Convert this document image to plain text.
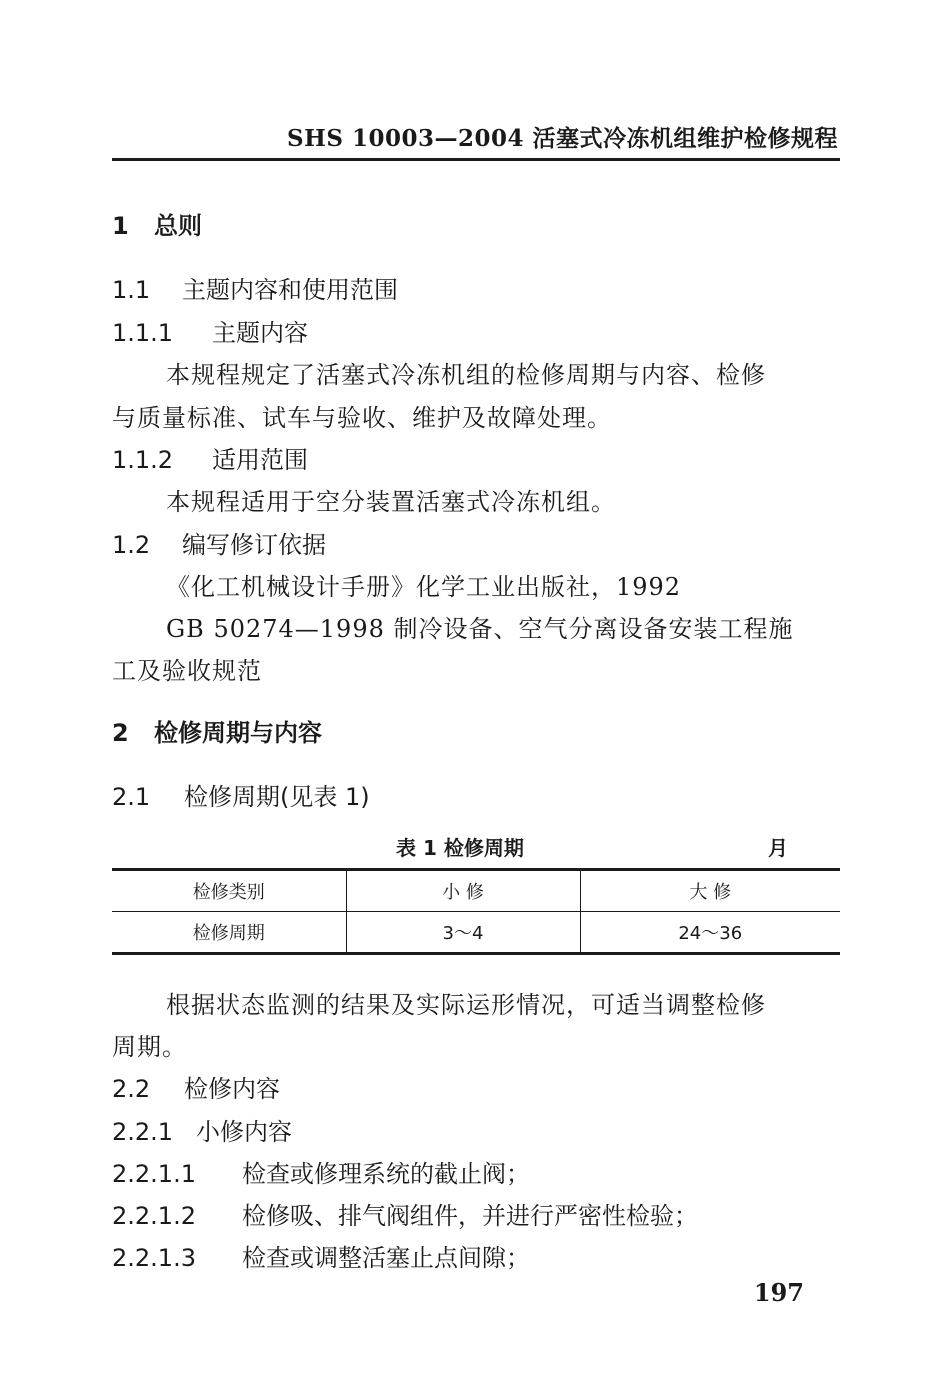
SHS 10003—2004 活塞式冷冻机组维护检修规程
1 总则
1.1 主题内容和使用范围
1.1.1 主题内容
本规程规定了活塞式冷冻机组的检修周期与内容、检修
与质量标准、试车与验收、维护及故障处理。
1.1.2 适用范围
本规程适用于空分装置活塞式冷冻机组。
1.2 编写修订依据
《化工机械设计手册》化学工业出版社，1992
GB 50274—1998 制冷设备、空气分离设备安装工程施
工及验收规范
2 检修周期与内容
2.1 检修周期(见表 1)
表 1 检修周期	月
检修类别	小 修	大 修
检修周期	3～4	24～36
根据状态监测的结果及实际运形情况，可适当调整检修
周期。
2.2 检修内容
2.2.1 小修内容
2.2.1.1 检查或修理系统的截止阀；
2.2.1.2 检修吸、排气阀组件，并进行严密性检验；
2.2.1.3 检查或调整活塞止点间隙；
197
